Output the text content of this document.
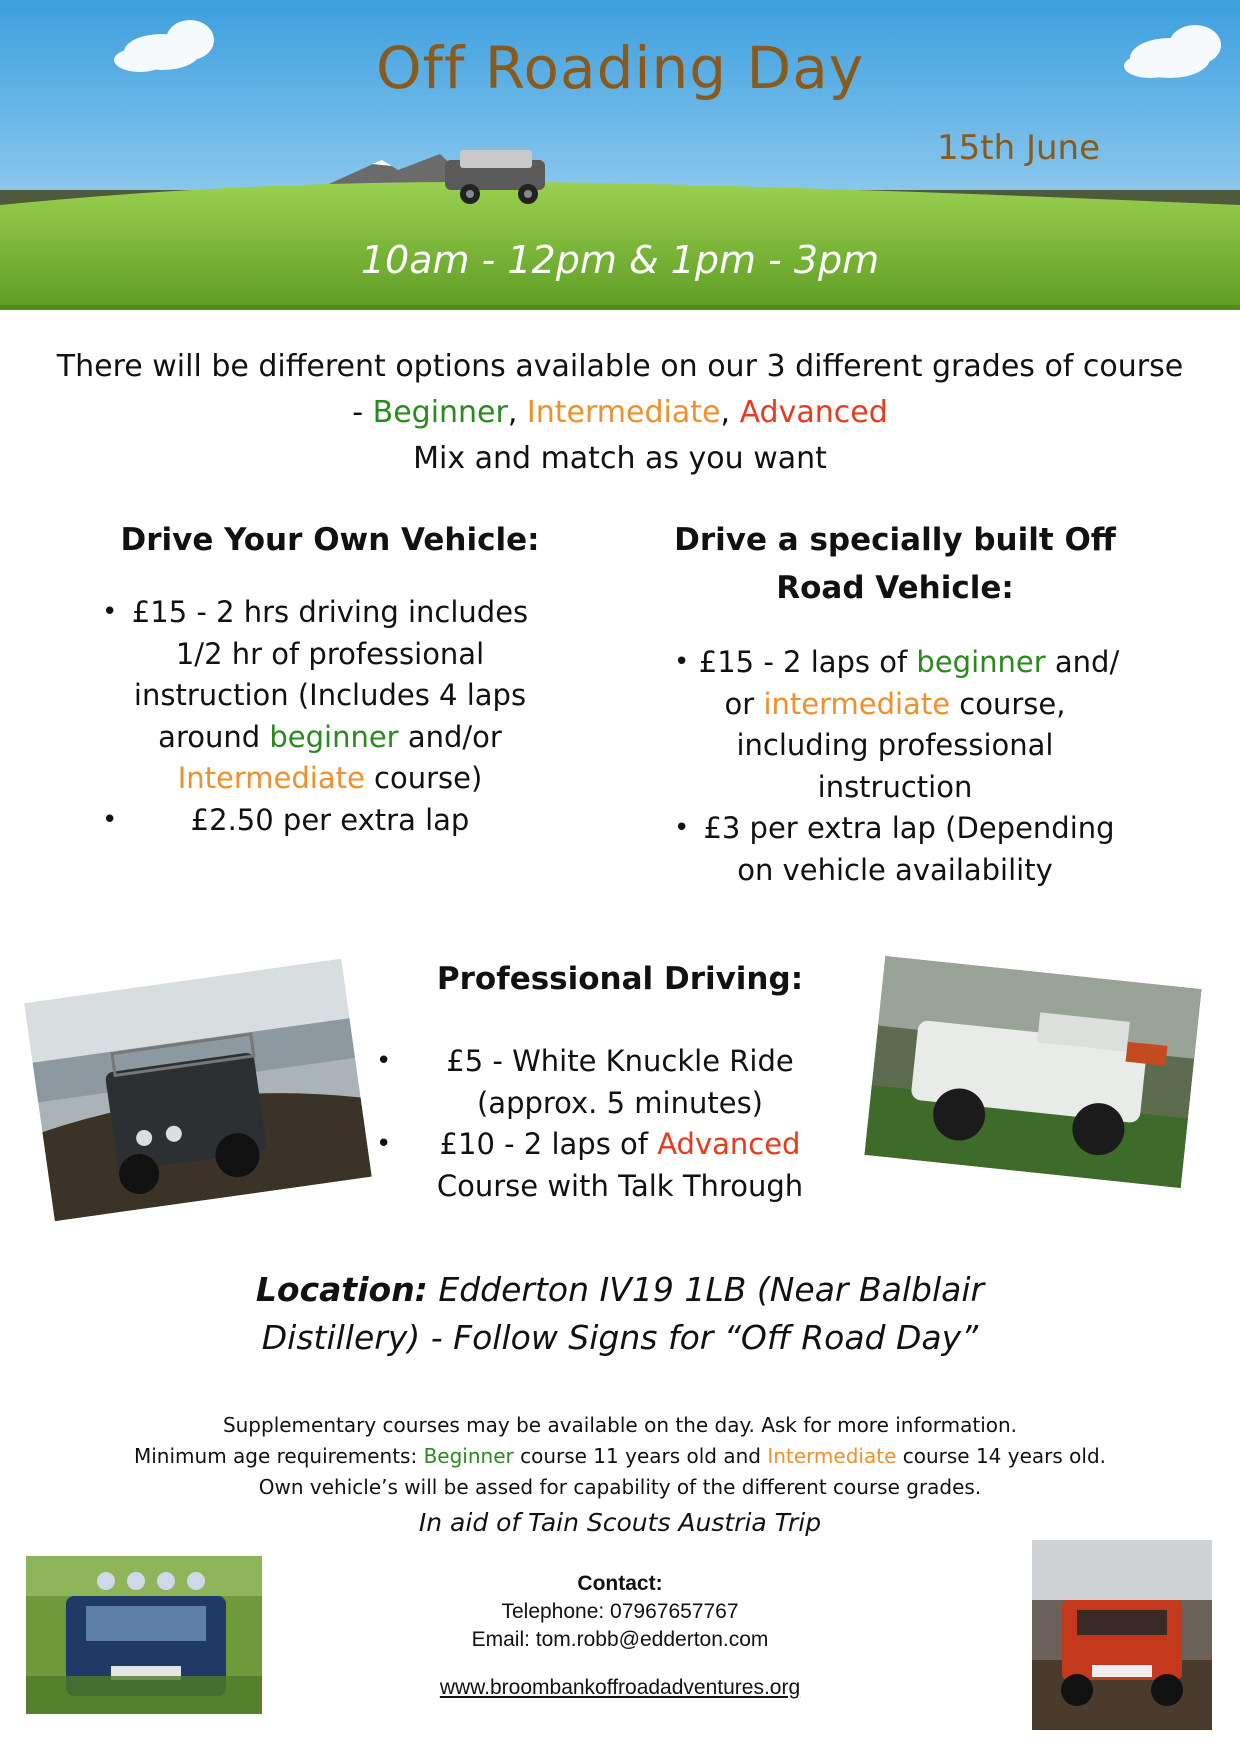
Off Roading Day
15th June
10am - 12pm & 1pm - 3pm
There will be different options available on our 3 different grades of course
- Beginner, Intermediate, Advanced
Mix and match as you want
Drive Your Own Vehicle:
• £15 - 2 hrs driving includes
1/2 hr of professional
instruction (Includes 4 laps
around beginner and/or
Intermediate course)
•	£2.50 per extra lap
Drive a specially built Off
Road Vehicle:
• £15 - 2 laps of beginner and/
or intermediate course,
including professional
instruction
• £3 per extra lap (Depending
on vehicle availability
Professional Driving:
•	£5 - White Knuckle Ride
(approx. 5 minutes)
•	£10 - 2 laps of Advanced
Course with Talk Through
Location: Edderton IV19 1LB (Near Balblair
Distillery) - Follow Signs for “Off Road Day”
Supplementary courses may be available on the day. Ask for more information.
Minimum age requirements: Beginner course 11 years old and Intermediate course 14 years old.
Own vehicle’s will be assed for capability of the different course grades.
In aid of Tain Scouts Austria Trip
Contact:
Telephone: 07967657767
Email: tom.robb@edderton.com
www.broombankoffroadadventures.org
